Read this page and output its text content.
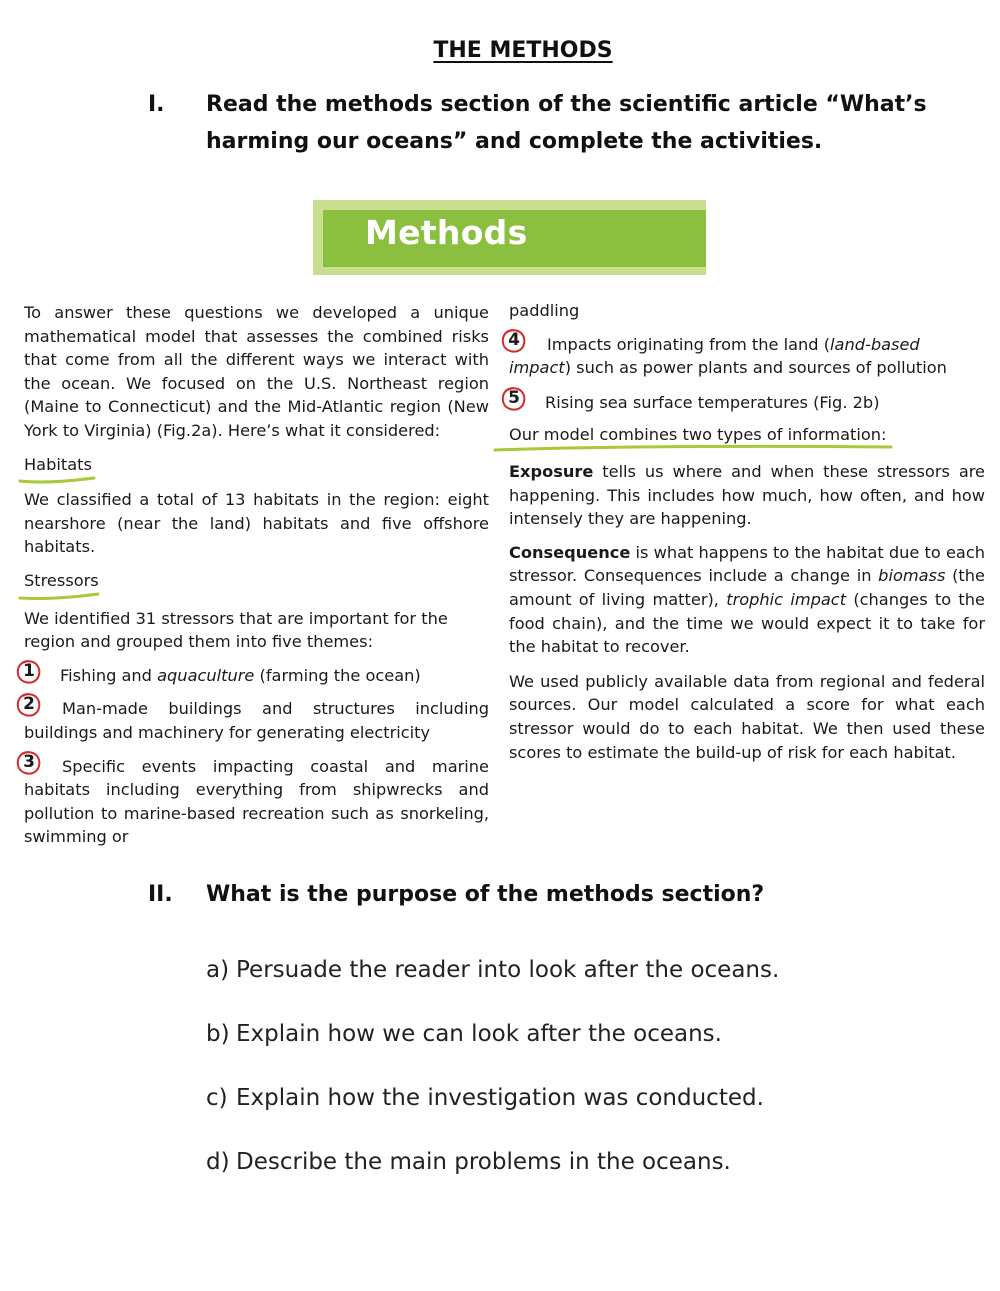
THE METHODS
I. Read the methods section of the scientific article “What’s
harming our oceans” and complete the activities.
Methods

To answer these questions we developed a unique mathematical model that assesses the combined risks that come from all the different ways we interact with the ocean. We focused on the U.S. Northeast region (Maine to Connecticut) and the Mid-Atlantic region (New York to Virginia) (Fig.2a). Here’s what it considered:

Habitats

We classified a total of 13 habitats in the region: eight nearshore (near the land) habitats and five offshore habitats.

Stressors

We identified 31 stressors that are important for the region and grouped them into five themes:

1 Fishing and aquaculture (farming the ocean)
2 Man-made buildings and structures including buildings and machinery for generating electricity
3 Specific events impacting coastal and marine habitats including everything from shipwrecks and pollution to marine-based recreation such as snorkeling, swimming or

paddling

4 Impacts originating from the land (land-based impact) such as power plants and sources of pollution
5 Rising sea surface temperatures (Fig. 2b)
Our model combines two types of information:

Exposure tells us where and when these stressors are happening. This includes how much, how often, and how intensely they are happening.

Consequence is what happens to the habitat due to each stressor. Consequences include a change in biomass (the amount of living matter), trophic impact (changes to the food chain), and the time we would expect it to take for the habitat to recover.

We used publicly available data from regional and federal sources. Our model calculated a score for what each stressor would do to each habitat. We then used these scores to estimate the build-up of risk for each habitat.

II. What is the purpose of the methods section?
a) Persuade the reader into look after the oceans.
b) Explain how we can look after the oceans.
c) Explain how the investigation was conducted.
d) Describe the main problems in the oceans.
